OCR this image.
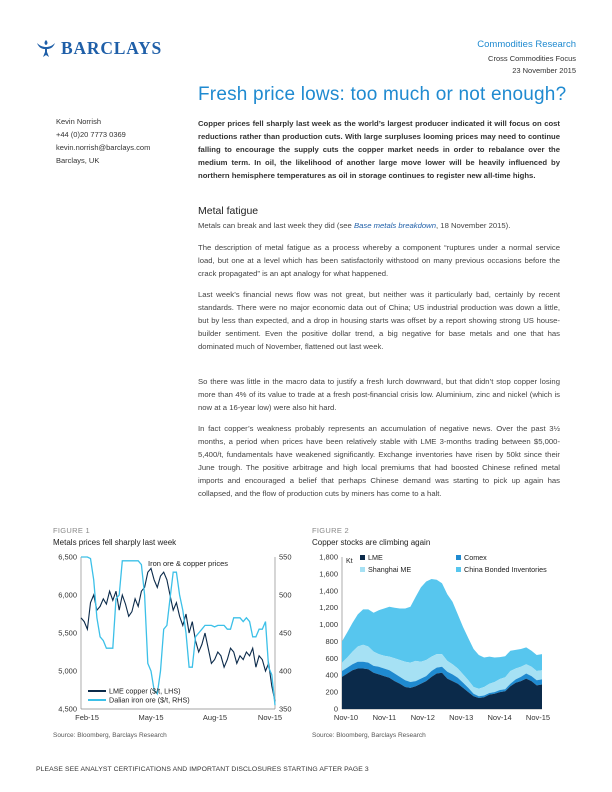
BARCLAYS	Commodities Research
Cross Commodities Focus
23 November 2015
Fresh price lows: too much or not enough?
Kevin Norrish
+44 (0)20 7773 0369
kevin.norrish@barclays.com
Barclays, UK
Copper prices fell sharply last week as the world’s largest producer indicated it will focus on cost reductions rather than production cuts. With large surpluses looming prices may need to continue falling to encourage the supply cuts the copper market needs in order to rebalance over the medium term. In oil, the likelihood of another large move lower will be heavily influenced by northern hemisphere temperatures as oil in storage continues to register new all-time highs.
Metal fatigue
Metals can break and last week they did (see Base metals breakdown, 18 November 2015).
The description of metal fatigue as a process whereby a component “ruptures under a normal service load, but one at a level which has been satisfactorily withstood on many previous occasions before the crack propagated” is an apt analogy for what happened.
Last week’s financial news flow was not great, but neither was it particularly bad, certainly by recent standards. There were no major economic data out of China; US industrial production was down a little, but by less than expected, and a drop in housing starts was offset by a report showing strong US house-builder sentiment. Even the positive dollar trend, a big negative for base metals and one that has dominated much of November, flattened out last week.
So there was little in the macro data to justify a fresh lurch downward, but that didn’t stop copper losing more than 4% of its value to trade at a fresh post-financial crisis low. Aluminium, zinc and nickel (which is now at a 16-year low) were also hit hard.
In fact copper’s weakness probably represents an accumulation of negative news. Over the past 3½ months, a period when prices have been relatively stable with LME 3-months trading between $5,000-5,400/t, fundamentals have weakened significantly. Exchange inventories have risen by 50kt since their June trough. The positive arbitrage and high local premiums that had boosted Chinese refined metal imports and encouraged a belief that perhaps Chinese demand was starting to pick up again has collapsed, and the flow of production cuts by miners has come to a halt.
FIGURE 1
Metals prices fell sharply last week
6,500
6,000
5,500
5,000
4,500
550
500
450
400
350
Feb-15	May-15	Aug-15	Nov-15
Iron ore & copper prices
LME copper ($/t, LHS)
Dalian iron ore ($/t, RHS)
Source: Bloomberg, Barclays Research
FIGURE 2
Copper stocks are climbing again
0
200
400
600
800
1,000
1,200
1,400
1,600
1,800
Nov-10 Nov-11 Nov-12 Nov-13 Nov-14 Nov-15
Kt LME	Comex
Shanghai ME	China Bonded Inventories
Source: Bloomberg, Barclays Research
PLEASE SEE ANALYST CERTIFICATIONS AND IMPORTANT DISCLOSURES STARTING AFTER PAGE 3
